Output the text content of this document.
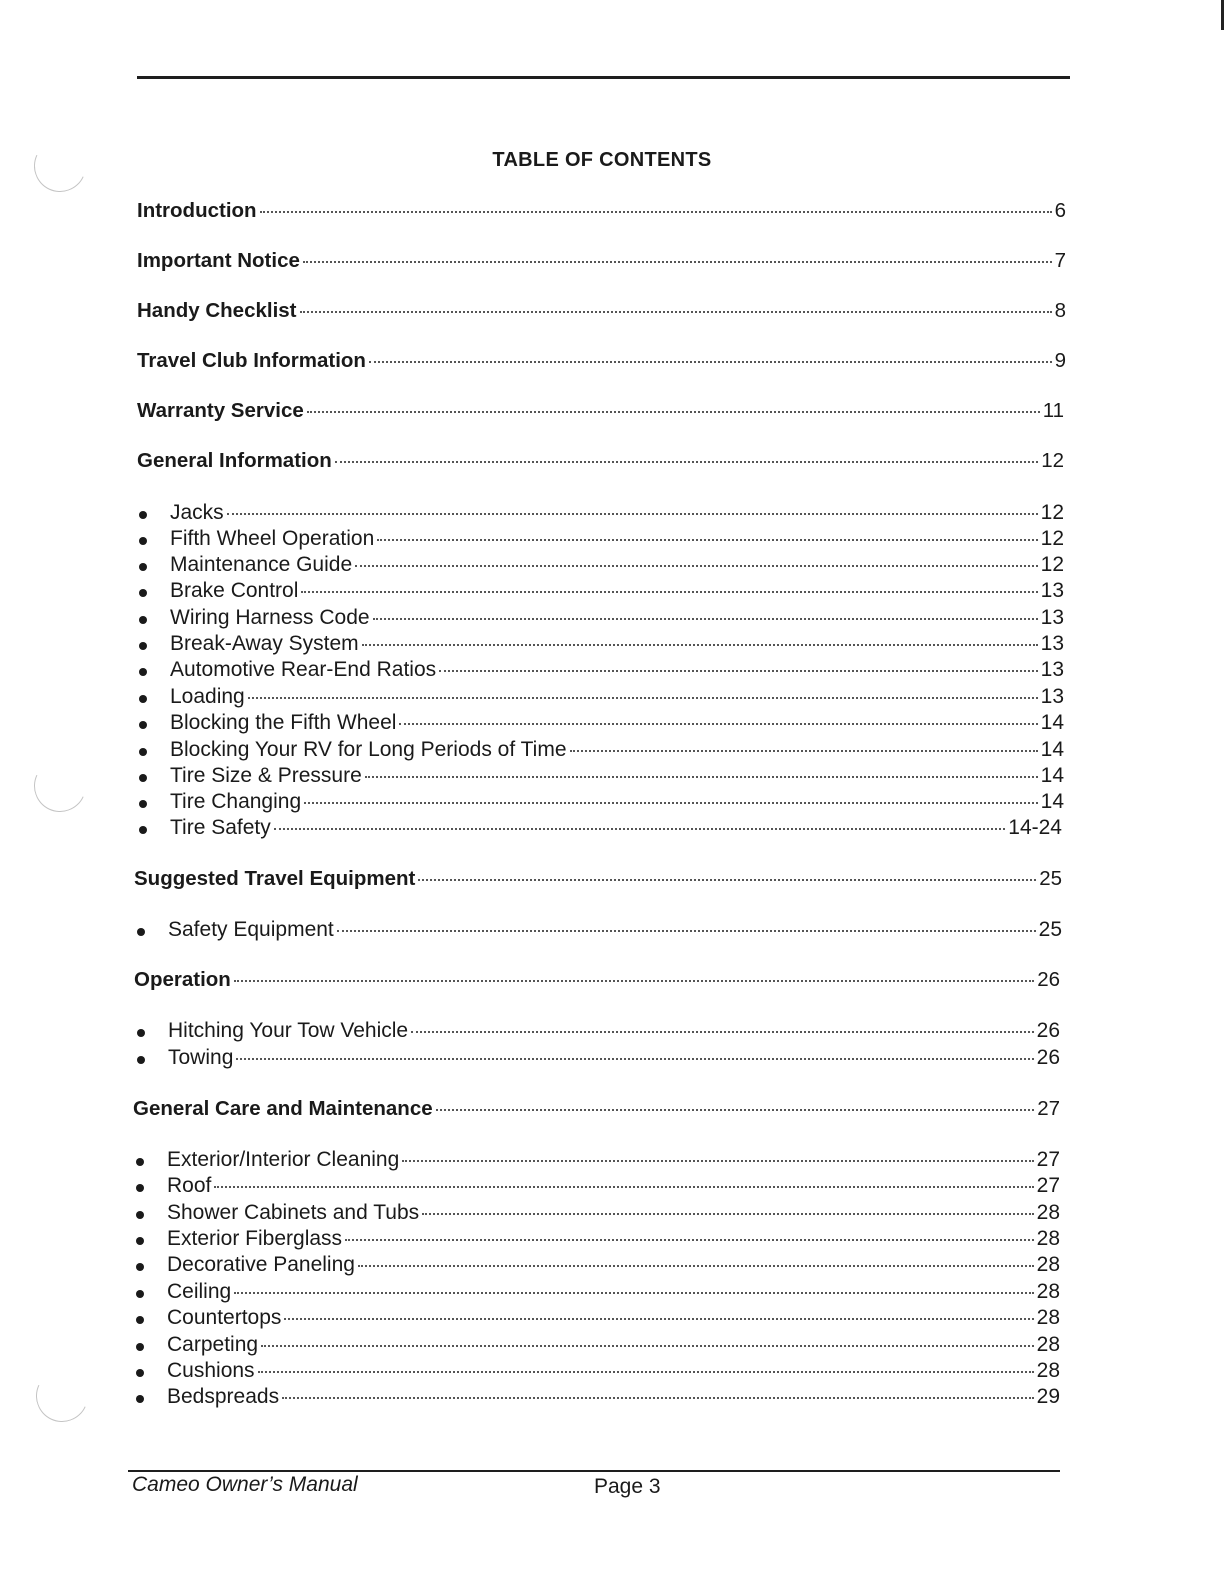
TABLE OF CONTENTS
Introduction	6
Important Notice	7
Handy Checklist	8
Travel Club Information	9
Warranty Service	11
General Information	12
Jacks	12
Fifth Wheel Operation	12
Maintenance Guide	12
Brake Control	13
Wiring Harness Code	13
Break-Away System	13
Automotive Rear-End Ratios	13
Loading	13
Blocking the Fifth Wheel	14
Blocking Your RV for Long Periods of Time	14
Tire Size & Pressure	14
Tire Changing	14
Tire Safety	14-24
Suggested Travel Equipment	25
Safety Equipment	25
Operation	26
Hitching Your Tow Vehicle	26
Towing	26
General Care and Maintenance	27
Exterior/Interior Cleaning	27
Roof	27
Shower Cabinets and Tubs	28
Exterior Fiberglass	28
Decorative Paneling	28
Ceiling	28
Countertops	28
Carpeting	28
Cushions	28
Bedspreads	29
Cameo Owner’s Manual	Page 3
